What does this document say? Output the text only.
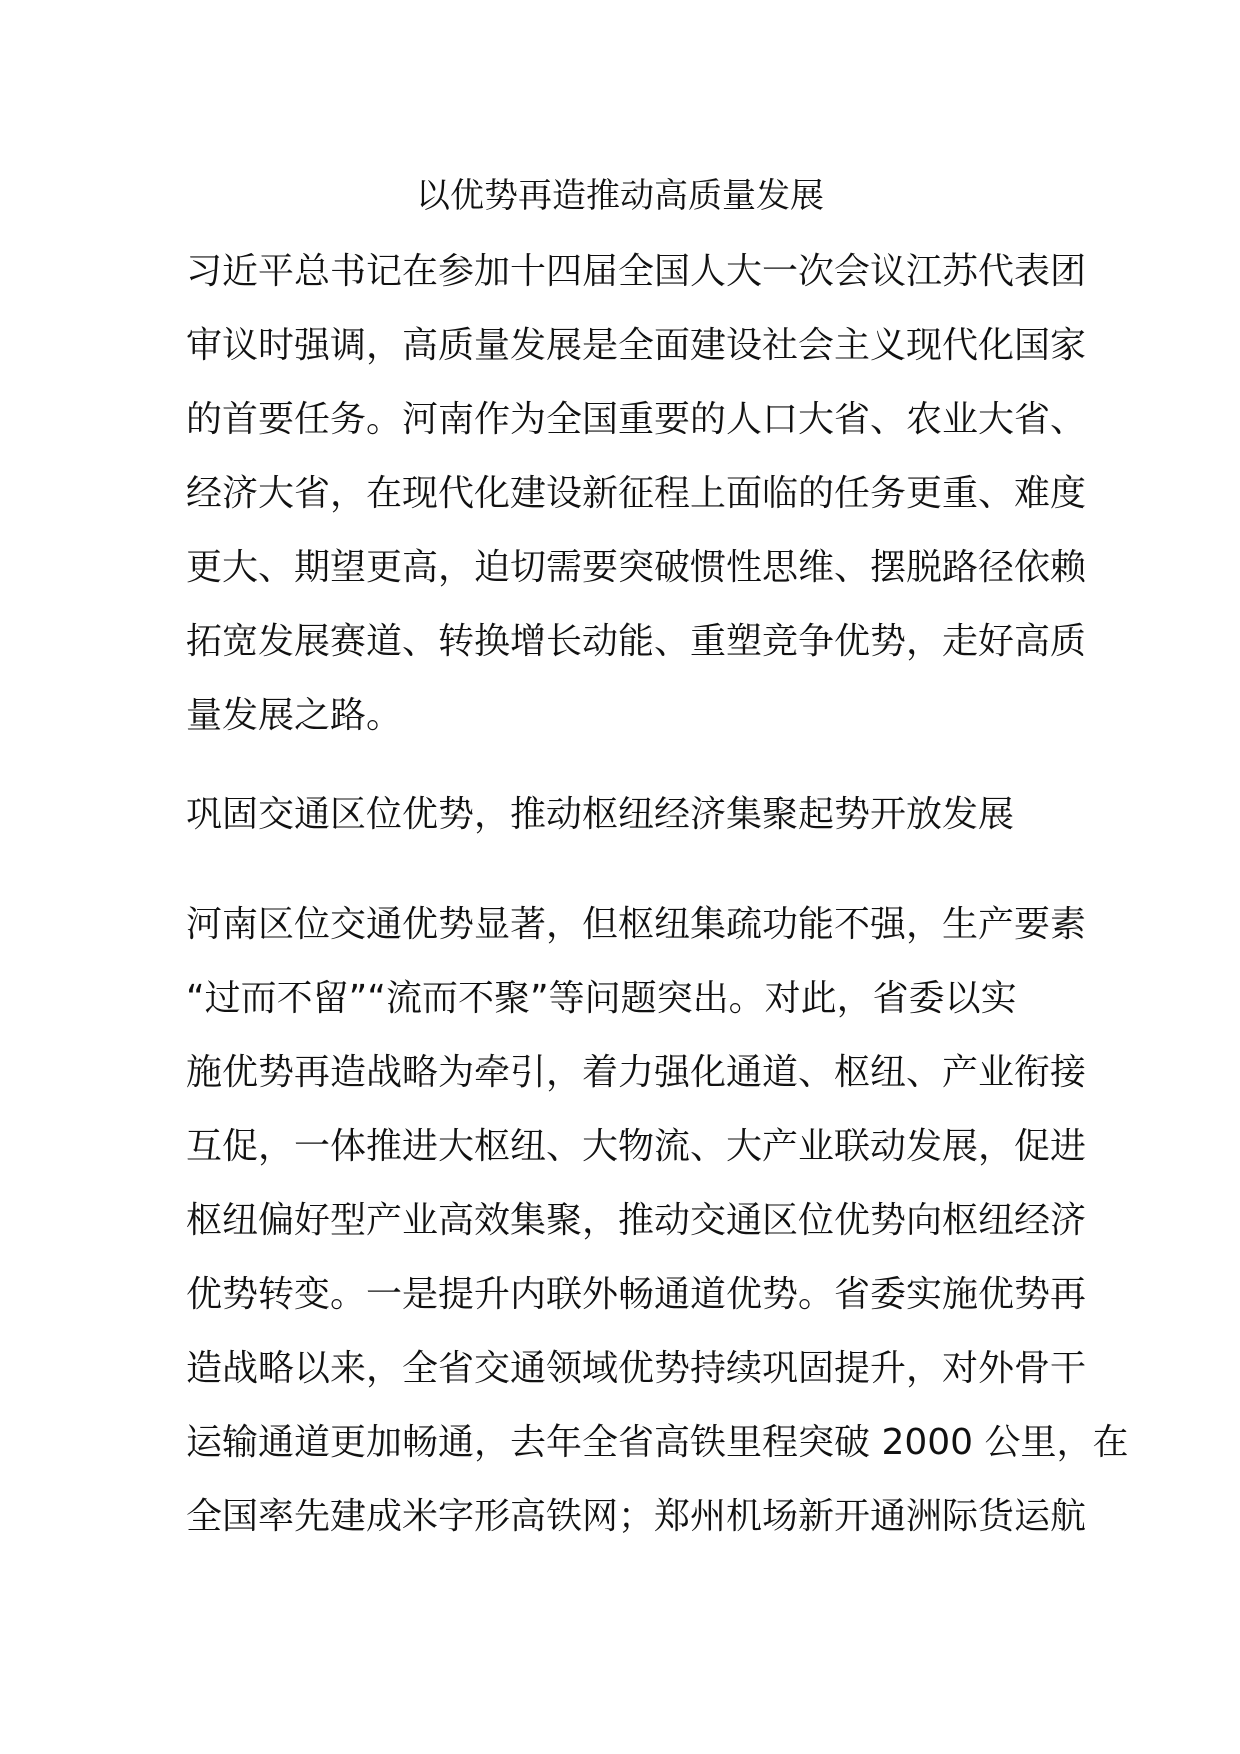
以优势再造推动高质量发展
习近平总书记在参加十四届全国人大一次会议江苏代表团
审议时强调，高质量发展是全面建设社会主义现代化国家
的首要任务。河南作为全国重要的人口大省、农业大省、
经济大省，在现代化建设新征程上面临的任务更重、难度
更大、期望更高，迫切需要突破惯性思维、摆脱路径依赖
拓宽发展赛道、转换增长动能、重塑竞争优势，走好高质
量发展之路。
巩固交通区位优势，推动枢纽经济集聚起势开放发展
河南区位交通优势显著，但枢纽集疏功能不强，生产要素
“过而不留”“流而不聚”等问题突出。对此，省委以实
施优势再造战略为牵引，着力强化通道、枢纽、产业衔接
互促，一体推进大枢纽、大物流、大产业联动发展，促进
枢纽偏好型产业高效集聚，推动交通区位优势向枢纽经济
优势转变。一是提升内联外畅通道优势。省委实施优势再
造战略以来，全省交通领域优势持续巩固提升，对外骨干
运输通道更加畅通，去年全省高铁里程突破 2000 公里，在
全国率先建成米字形高铁网；郑州机场新开通洲际货运航
